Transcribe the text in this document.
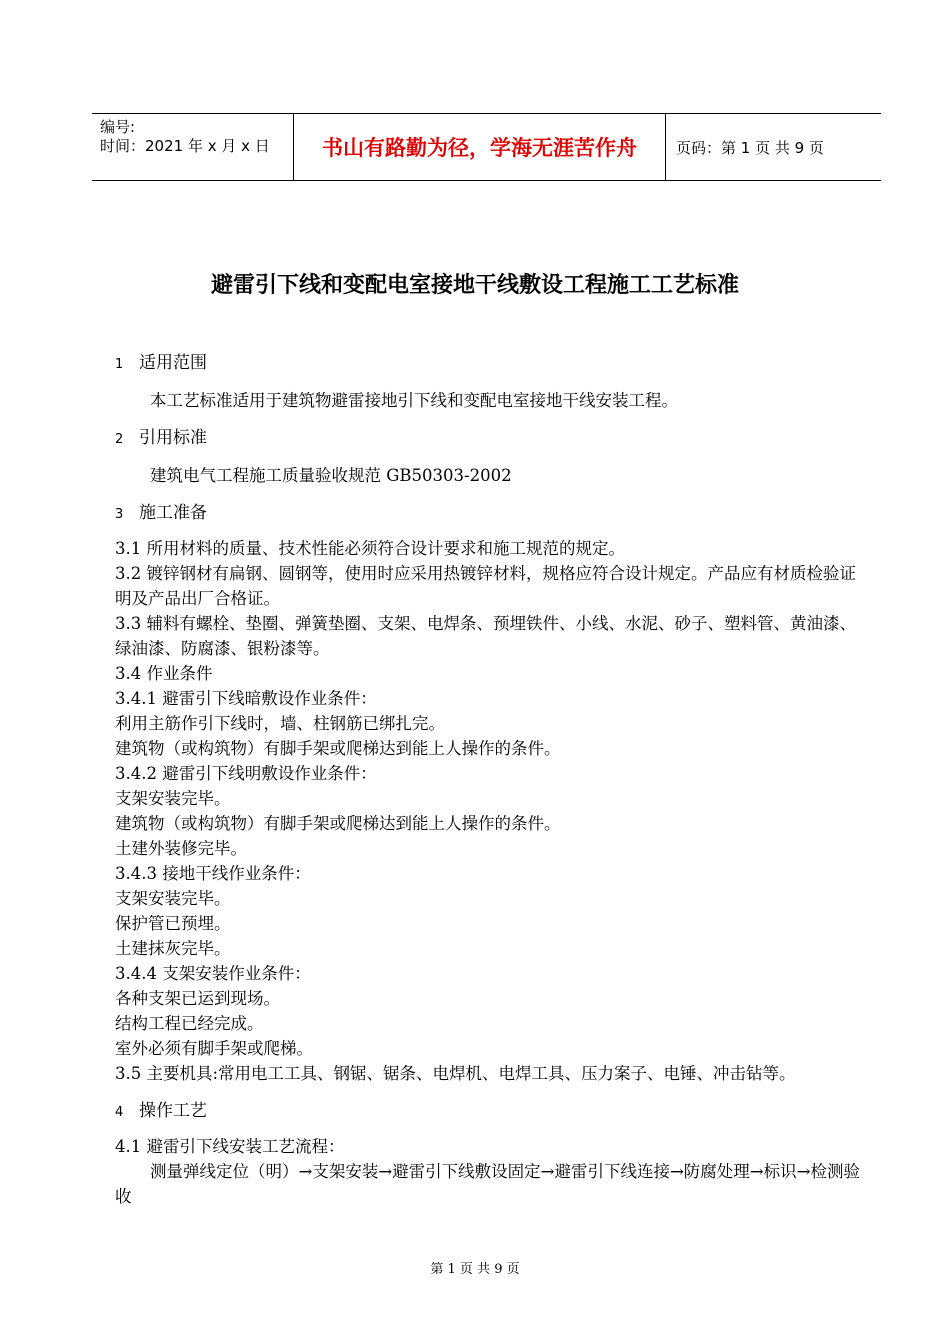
编号:
时间：2021 年 x 月 x 日	书山有路勤为径，学海无涯苦作舟	页码：第 1 页 共 9 页
避雷引下线和变配电室接地干线敷设工程施工工艺标准
1 适用范围
本工艺标准适用于建筑物避雷接地引下线和变配电室接地干线安装工程。
2 引用标准
建筑电气工程施工质量验收规范 GB50303-2002
3 施工准备
3.1 所用材料的质量、技术性能必须符合设计要求和施工规范的规定。
3.2 镀锌钢材有扁钢、圆钢等，使用时应采用热镀锌材料，规格应符合设计规定。产品应有材质检验证明及产品出厂合格证。
3.3 辅料有螺栓、垫圈、弹簧垫圈、支架、电焊条、预埋铁件、小线、水泥、砂子、塑料管、黄油漆、绿油漆、防腐漆、银粉漆等。
3.4 作业条件
3.4.1 避雷引下线暗敷设作业条件：
利用主筋作引下线时，墙、柱钢筋已绑扎完。
建筑物（或构筑物）有脚手架或爬梯达到能上人操作的条件。
3.4.2 避雷引下线明敷设作业条件：
支架安装完毕。
建筑物（或构筑物）有脚手架或爬梯达到能上人操作的条件。
土建外装修完毕。
3.4.3 接地干线作业条件：
支架安装完毕。
保护管已预埋。
土建抹灰完毕。
3.4.4 支架安装作业条件：
各种支架已运到现场。
结构工程已经完成。
室外必须有脚手架或爬梯。
3.5 主要机具:常用电工工具、钢锯、锯条、电焊机、电焊工具、压力案子、电锤、冲击钻等。
4 操作工艺
4.1 避雷引下线安装工艺流程：
测量弹线定位（明）→支架安装→避雷引下线敷设固定→避雷引下线连接→防腐处理→标识→检测验收
第 1 页 共 9 页
